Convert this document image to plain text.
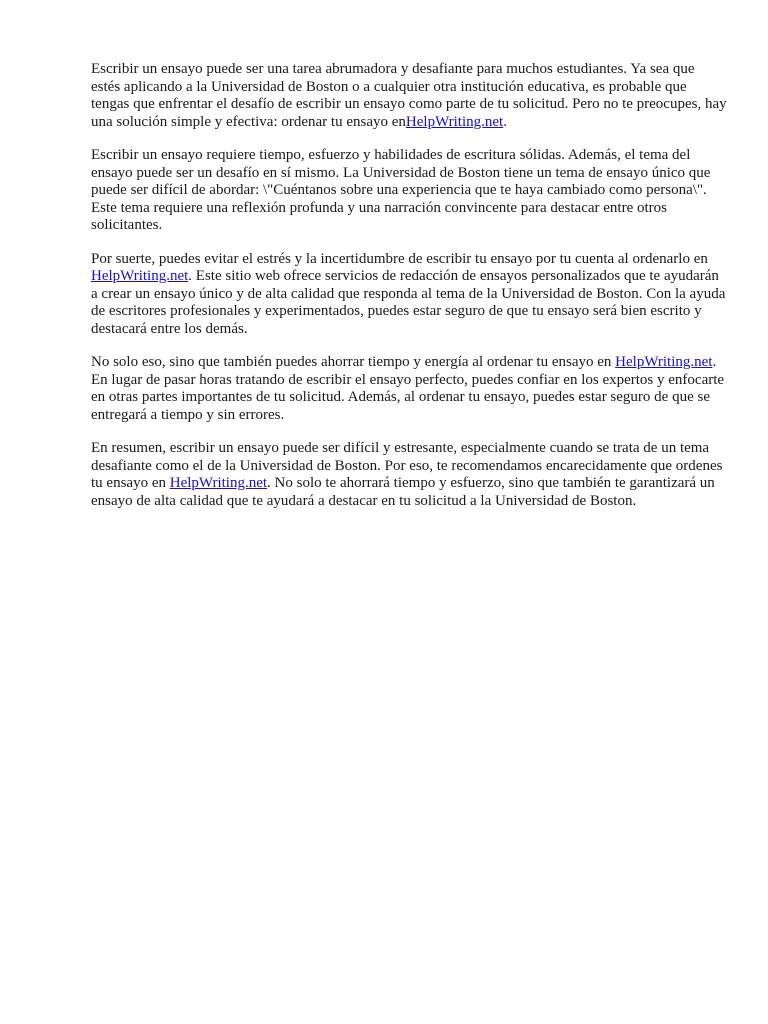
Escribir un ensayo puede ser una tarea abrumadora y desafiante para muchos estudiantes. Ya sea que estés aplicando a la Universidad de Boston o a cualquier otra institución educativa, es probable que tengas que enfrentar el desafío de escribir un ensayo como parte de tu solicitud. Pero no te preocupes, hay una solución simple y efectiva: ordenar tu ensayo enHelpWriting.net.

Escribir un ensayo requiere tiempo, esfuerzo y habilidades de escritura sólidas. Además, el tema del ensayo puede ser un desafío en sí mismo. La Universidad de Boston tiene un tema de ensayo único que puede ser difícil de abordar: \"Cuéntanos sobre una experiencia que te haya cambiado como persona\". Este tema requiere una reflexión profunda y una narración convincente para destacar entre otros solicitantes.

Por suerte, puedes evitar el estrés y la incertidumbre de escribir tu ensayo por tu cuenta al ordenarlo en HelpWriting.net. Este sitio web ofrece servicios de redacción de ensayos personalizados que te ayudarán a crear un ensayo único y de alta calidad que responda al tema de la Universidad de Boston. Con la ayuda de escritores profesionales y experimentados, puedes estar seguro de que tu ensayo será bien escrito y destacará entre los demás.

No solo eso, sino que también puedes ahorrar tiempo y energía al ordenar tu ensayo en HelpWriting.net. En lugar de pasar horas tratando de escribir el ensayo perfecto, puedes confiar en los expertos y enfocarte en otras partes importantes de tu solicitud. Además, al ordenar tu ensayo, puedes estar seguro de que se entregará a tiempo y sin errores.

En resumen, escribir un ensayo puede ser difícil y estresante, especialmente cuando se trata de un tema desafiante como el de la Universidad de Boston. Por eso, te recomendamos encarecidamente que ordenes tu ensayo en HelpWriting.net. No solo te ahorrará tiempo y esfuerzo, sino que también te garantizará un ensayo de alta calidad que te ayudará a destacar en tu solicitud a la Universidad de Boston.
